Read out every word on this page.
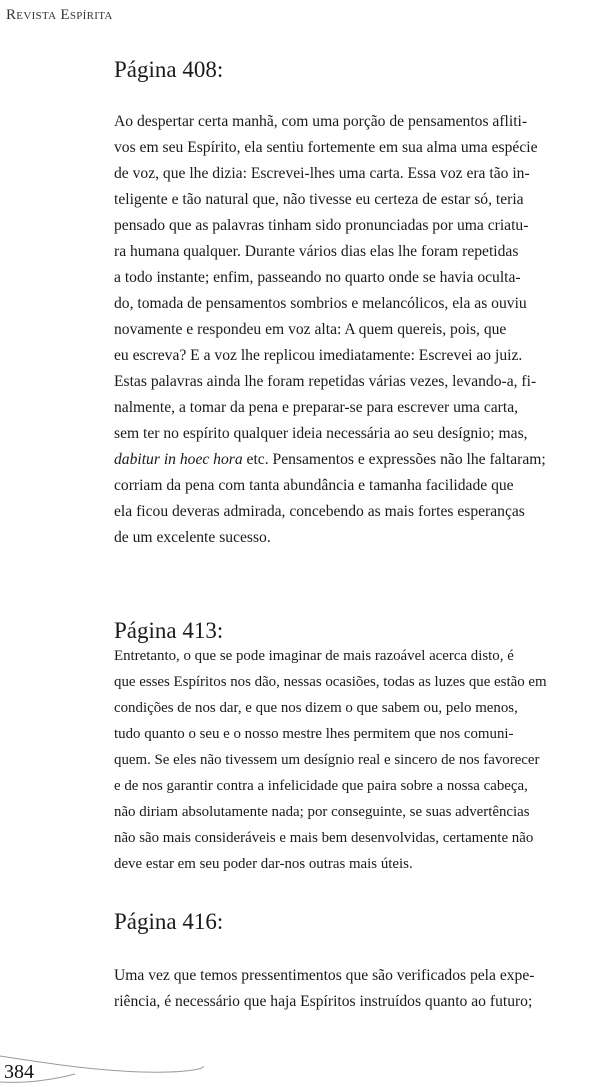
Revista Espírita
Página 408:

Ao despertar certa manhã, com uma porção de pensamentos afliti-
vos em seu Espírito, ela sentiu fortemente em sua alma uma espécie
de voz, que lhe dizia: Escrevei-lhes uma carta. Essa voz era tão in-
teligente e tão natural que, não tivesse eu certeza de estar só, teria
pensado que as palavras tinham sido pronunciadas por uma criatu-
ra humana qualquer. Durante vários dias elas lhe foram repetidas
a todo instante; enfim, passeando no quarto onde se havia oculta-
do, tomada de pensamentos sombrios e melancólicos, ela as ouviu
novamente e respondeu em voz alta: A quem quereis, pois, que
eu escreva? E a voz lhe replicou imediatamente: Escrevei ao juiz.
Estas palavras ainda lhe foram repetidas várias vezes, levando-a, fi-
nalmente, a tomar da pena e preparar-se para escrever uma carta,
sem ter no espírito qualquer ideia necessária ao seu desígnio; mas,
dabitur in hoec hora etc. Pensamentos e expressões não lhe faltaram;
corriam da pena com tanta abundância e tamanha facilidade que
ela ficou deveras admirada, concebendo as mais fortes esperanças
de um excelente sucesso.

Página 413:

Entretanto, o que se pode imaginar de mais razoável acerca disto, é
que esses Espíritos nos dão, nessas ocasiões, todas as luzes que estão em
condições de nos dar, e que nos dizem o que sabem ou, pelo menos,
tudo quanto o seu e o nosso mestre lhes permitem que nos comuni-
quem. Se eles não tivessem um desígnio real e sincero de nos favorecer
e de nos garantir contra a infelicidade que paira sobre a nossa cabeça,
não diriam absolutamente nada; por conseguinte, se suas advertências
não são mais consideráveis e mais bem desenvolvidas, certamente não
deve estar em seu poder dar-nos outras mais úteis.

Página 416:

Uma vez que temos pressentimentos que são verificados pela expe-
riência, é necessário que haja Espíritos instruídos quanto ao futuro;

384
